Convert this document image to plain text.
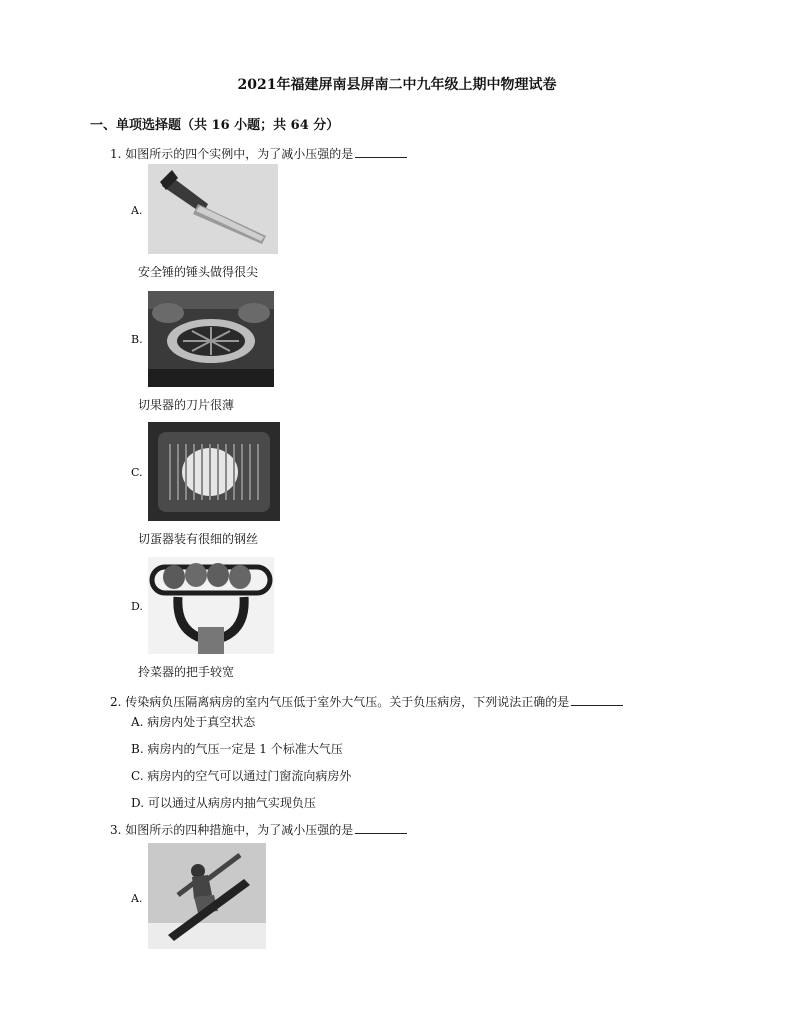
2021年福建屏南县屏南二中九年级上期中物理试卷
一、单项选择题（共 16 小题；共 64 分）
1. 如图所示的四个实例中，为了减小压强的是
A.
安全锤的锤头做得很尖
B.
切果器的刀片很薄
C.
切蛋器装有很细的钢丝
D.
拎菜器的把手较宽
2. 传染病负压隔离病房的室内气压低于室外大气压。关于负压病房，下列说法正确的是
A. 病房内处于真空状态
B. 病房内的气压一定是 1 个标准大气压
C. 病房内的空气可以通过门窗流向病房外
D. 可以通过从病房内抽气实现负压
3. 如图所示的四种措施中，为了减小压强的是
A.
